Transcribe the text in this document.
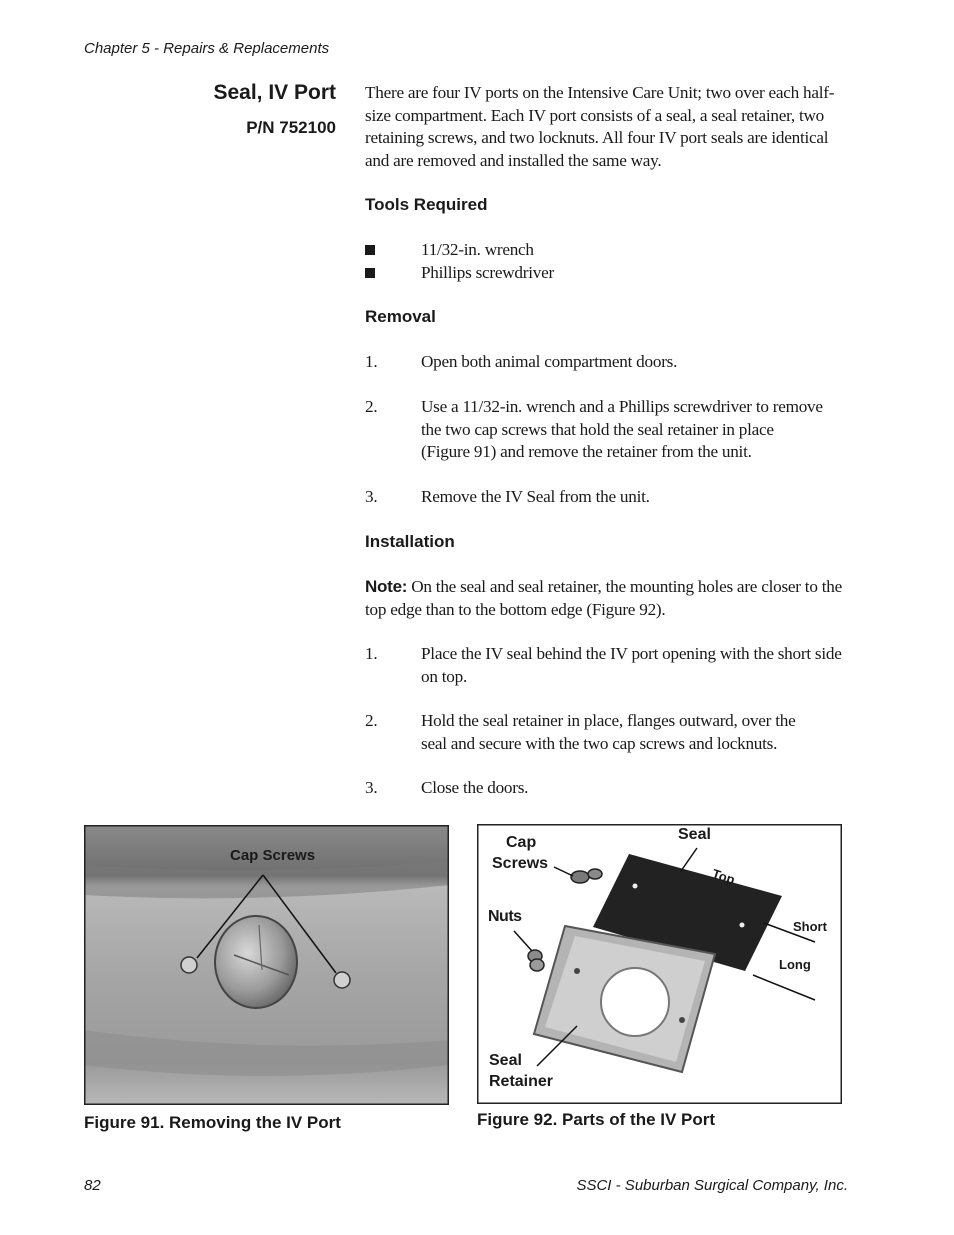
Chapter 5 - Repairs & Replacements
Seal, IV Port
P/N 752100
There are four IV ports on the Intensive Care Unit; two over each half-size compartment. Each IV port consists of a seal, a seal retainer, two retaining screws, and two locknuts. All four IV port seals are identical and are removed and installed the same way.
Tools Required
11/32-in. wrench
Phillips screwdriver
Removal
1.	Open both animal compartment doors.
2.	Use a 11/32-in. wrench and a Phillips screwdriver to remove the two cap screws that hold the seal retainer in place (Figure 91) and remove the retainer from the unit.
3.	Remove the IV Seal from the unit.
Installation
Note: On the seal and seal retainer, the mounting holes are closer to the top edge than to the bottom edge (Figure 92).
1.	Place the IV seal behind the IV port opening with the short side on top.
2.	Hold the seal retainer in place, flanges outward, over the seal and secure with the two cap screws and locknuts.
3.	Close the doors.
Cap Screws
Figure 91. Removing the IV Port
Cap
Screws
Seal
Top
Nuts
Short
Long
Seal
Retainer
Figure 92. Parts of the IV Port
82	SSCI - Suburban Surgical Company, Inc.
